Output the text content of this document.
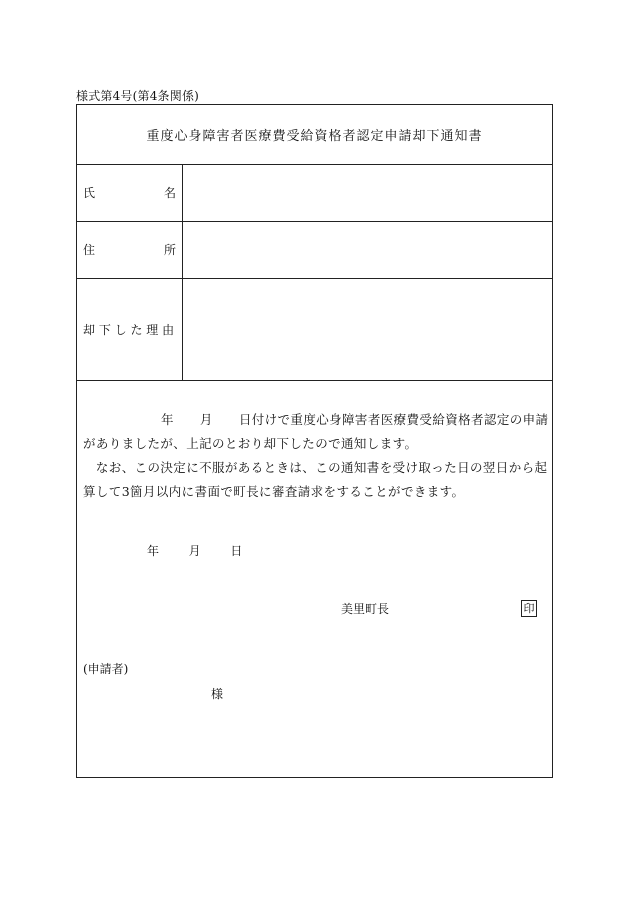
様式第4号(第4条関係)
重度心身障害者医療費受給資格者認定申請却下通知書
氏	名
住	所
却 下 し た 理 由
年 月 日付けで重度心身障害者医療費受給資格者認定の申請がありましたが、上記のとおり却下したので通知します。
　なお、この決定に不服があるときは、この通知書を受け取った日の翌日から起算して3箇月以内に書面で町長に審査請求をすることができます。
年 月 日
美里町長	印
(申請者)
様
